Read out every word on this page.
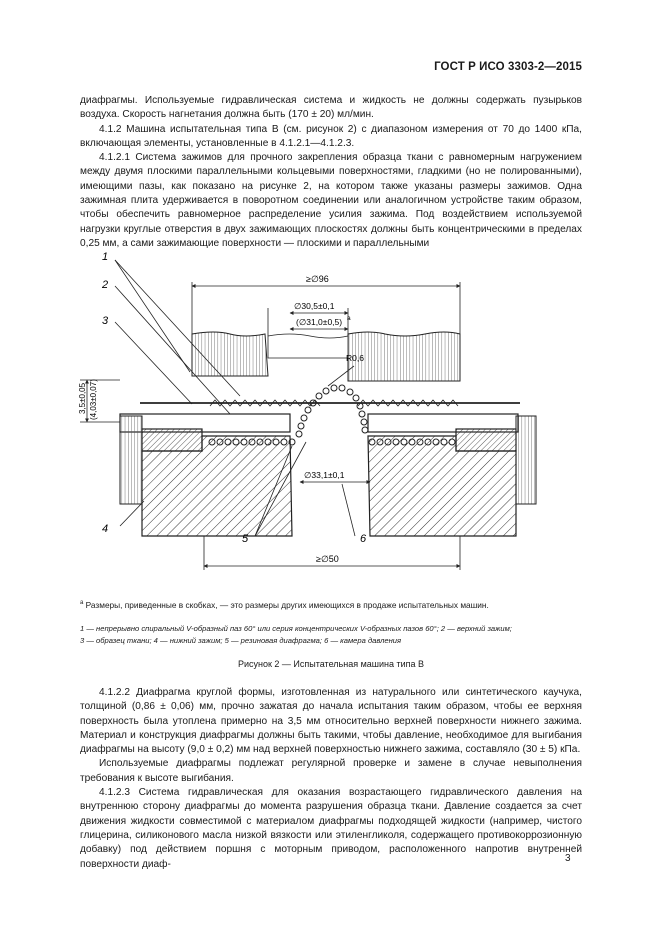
ГОСТ Р ИСО 3303-2—2015

диафрагмы. Используемые гидравлическая система и жидкость не должны содержать пузырьков воздуха. Скорость нагнетания должна быть (170 ± 20) мл/мин.

4.1.2 Машина испытательная типа B (см. рисунок 2) с диапазоном измерения от 70 до 1400 кПа, включающая элементы, установленные в 4.1.2.1—4.1.2.3.

4.1.2.1 Система зажимов для прочного закрепления образца ткани с равномерным нагружением между двумя плоскими параллельными кольцевыми поверхностями, гладкими (но не полированными), имеющими пазы, как показано на рисунке 2, на котором также указаны размеры зажимов. Одна зажимная плита удерживается в поворотном соединении или аналогичном устройстве таким образом, чтобы обеспечить равномерное распределение усилия зажима. Под воздействием используемой нагрузки круглые отверстия в двух зажимающих плоскостях должны быть концентрическими в пределах 0,25 мм, а сами зажимающие поверхности — плоскими и параллельными

≥∅96
∅30,5±0,1
(∅31,0±0,5) a
R0,6
∅33,1±0,1
≥∅50
3,5±0,05 (4,03±0,07)
1
2
3
4
5	6
$^a$ Размеры, приведенные в скобках, — это размеры других имеющихся в продаже испытательных машин.
1 — непрерывно спиральный V-образный паз 60° или серия концентрических V-образных пазов 60°; 2 — верхний зажим;
3 — образец ткани; 4 — нижний зажим; 5 — резиновая диафрагма; 6 — камера давления
Рисунок 2 — Испытательная машина типа B

4.1.2.2 Диафрагма круглой формы, изготовленная из натурального или синтетического каучука, толщиной (0,86 ± 0,06) мм, прочно зажатая до начала испытания таким образом, чтобы ее верхняя поверхность была утоплена примерно на 3,5 мм относительно верхней поверхности нижнего зажима. Материал и конструкция диафрагмы должны быть такими, чтобы давление, необходимое для выгибания диафрагмы на высоту (9,0 ± 0,2) мм над верхней поверхностью нижнего зажима, составляло (30 ± 5) кПа.

Используемые диафрагмы подлежат регулярной проверке и замене в случае невыполнения требования к высоте выгибания.

4.1.2.3 Система гидравлическая для оказания возрастающего гидравлического давления на внутреннюю сторону диафрагмы до момента разрушения образца ткани. Давление создается за счет движения жидкости совместимой с материалом диафрагмы подходящей жидкости (например, чистого глицерина, силиконового масла низкой вязкости или этиленгликоля, содержащего противокоррозионную добавку) под действием поршня с моторным приводом, расположенного напротив внутренней поверхности диаф-

3
